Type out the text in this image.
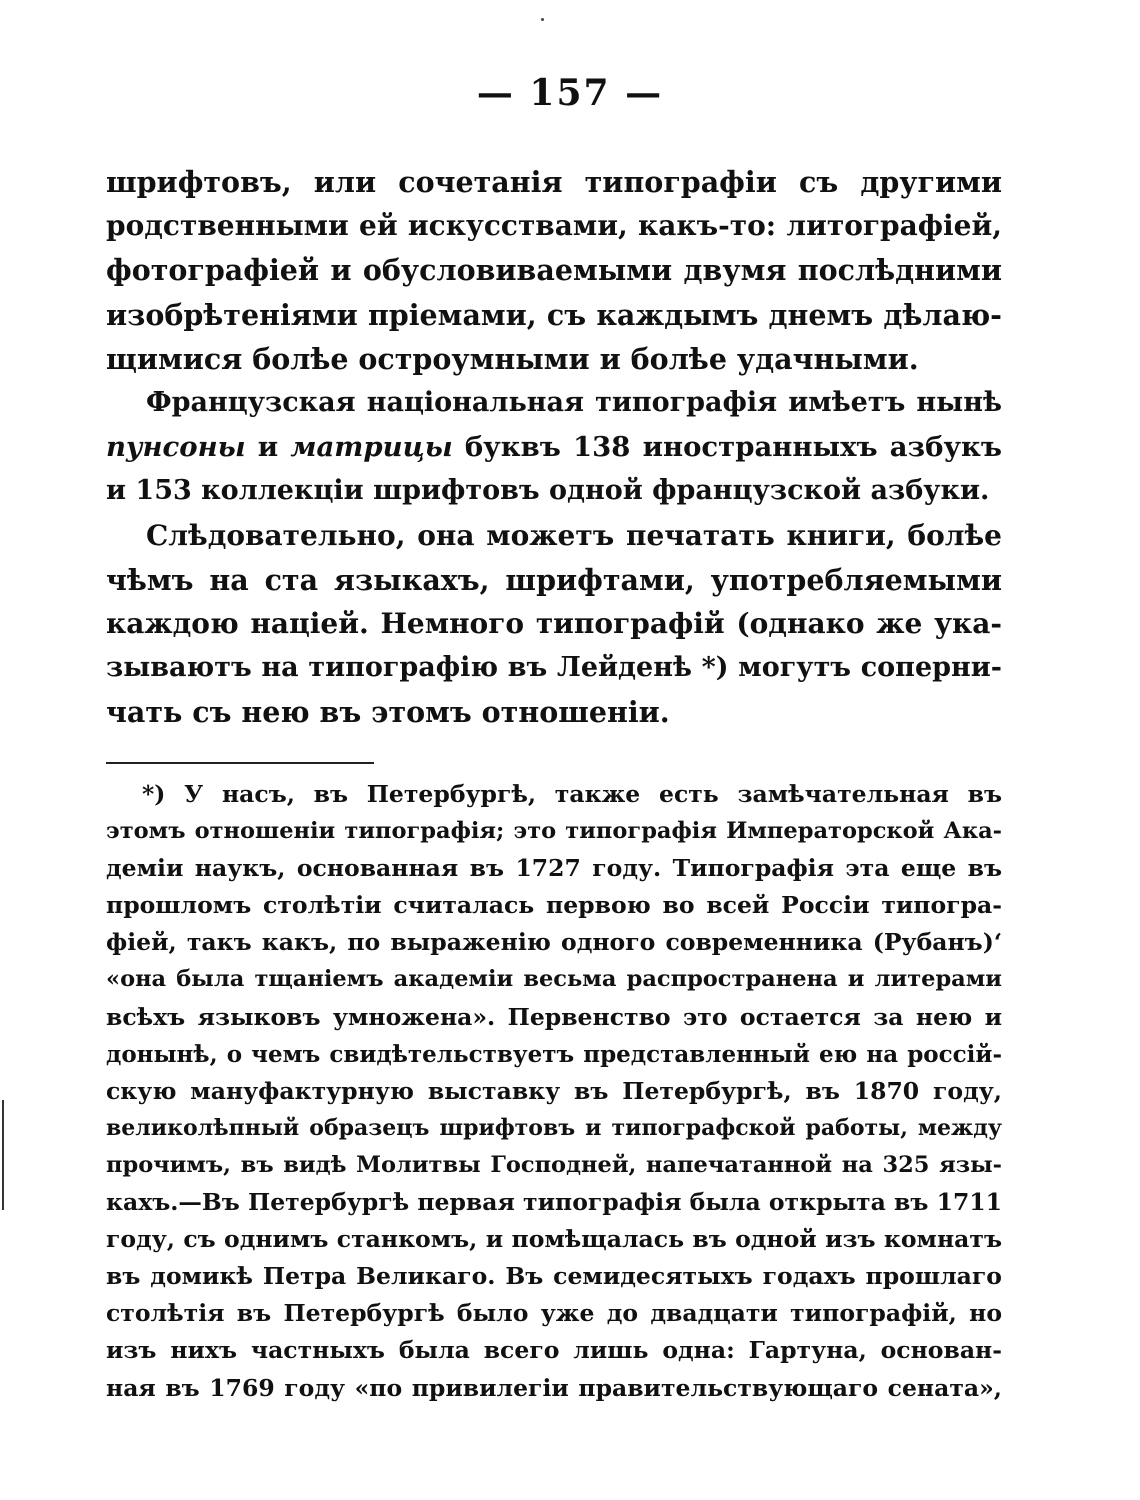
— 157 —
шрифтовъ, или сочетанія типографіи съ другими
родственными ей искусствами, какъ-то: литографіей,
фотографіей и обусловиваемыми двумя послѣдними
изобрѣтеніями пріемами, съ каждымъ днемъ дѣлаю-
щимися болѣе остроумными и болѣе удачными.
Французская національная типографія имѣетъ нынѣ
пунсоны и матрицы буквъ 138 иностранныхъ азбукъ
и 153 коллекціи шрифтовъ одной французской азбуки.
Слѣдовательно, она можетъ печатать книги, болѣе
чѣмъ на ста языкахъ, шрифтами, употребляемыми
каждою націей. Немного типографій (однако же ука-
зываютъ на типографію въ Лейденѣ *) могутъ соперни-
чать съ нею въ этомъ отношеніи.
*) У насъ, въ Петербургѣ, также есть замѣчательная въ
этомъ отношеніи типографія; это типографія Императорской Ака-
деміи наукъ, основанная въ 1727 году. Типографія эта еще въ
прошломъ столѣтіи считалась первою во всей Россіи типогра-
фіей, такъ какъ, по выраженію одного современника (Рубанъ)‘
«она была тщаніемъ академіи весьма распространена и литерами
всѣхъ языковъ умножена». Первенство это остается за нею и
донынѣ, о чемъ свидѣтельствуетъ представленный ею на россій-
скую мануфактурную выставку въ Петербургѣ, въ 1870 году,
великолѣпный образецъ шрифтовъ и типографской работы, между
прочимъ, въ видѣ Молитвы Господней, напечатанной на 325 язы-
кахъ.—Въ Петербургѣ первая типографія была открыта въ 1711
году, съ однимъ станкомъ, и помѣщалась въ одной изъ комнатъ
въ домикѣ Петра Великаго. Въ семидесятыхъ годахъ прошлаго
столѣтія въ Петербургѣ было уже до двадцати типографій, но
изъ нихъ частныхъ была всего лишь одна: Гартуна, основан-
ная въ 1769 году «по привилегіи правительствующаго сената»,
